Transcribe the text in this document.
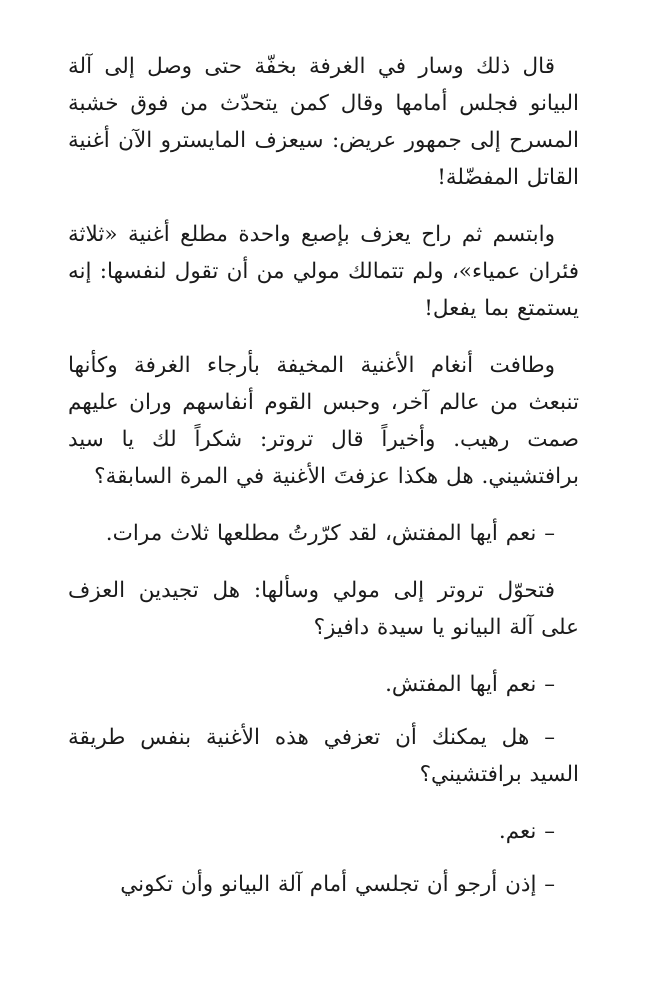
قال ذلك وسار في الغرفة بخفّة حتى وصل إلى آلة البيانو فجلس أمامها وقال كمن يتحدّث من فوق خشبة المسرح إلى جمهور عريض: سيعزف المايسترو الآن أغنية القاتل المفضّلة!

وابتسم ثم راح يعزف بإصبع واحدة مطلع أغنية «ثلاثة فئران عمياء»، ولم تتمالك مولي من أن تقول لنفسها: إنه يستمتع بما يفعل!

وطافت أنغام الأغنية المخيفة بأرجاء الغرفة وكأنها تنبعث من عالم آخر، وحبس القوم أنفاسهم وران عليهم صمت رهيب. وأخيراً قال تروتر: شكراً لك يا سيد برافتشيني. هل هكذا عزفتَ الأغنية في المرة السابقة؟

– نعم أيها المفتش، لقد كرّرتُ مطلعها ثلاث مرات.

فتحوّل تروتر إلى مولي وسألها: هل تجيدين العزف على آلة البيانو يا سيدة دافيز؟

– نعم أيها المفتش.

– هل يمكنك أن تعزفي هذه الأغنية بنفس طريقة السيد برافتشيني؟

– نعم.

– إذن أرجو أن تجلسي أمام آلة البيانو وأن تكوني
